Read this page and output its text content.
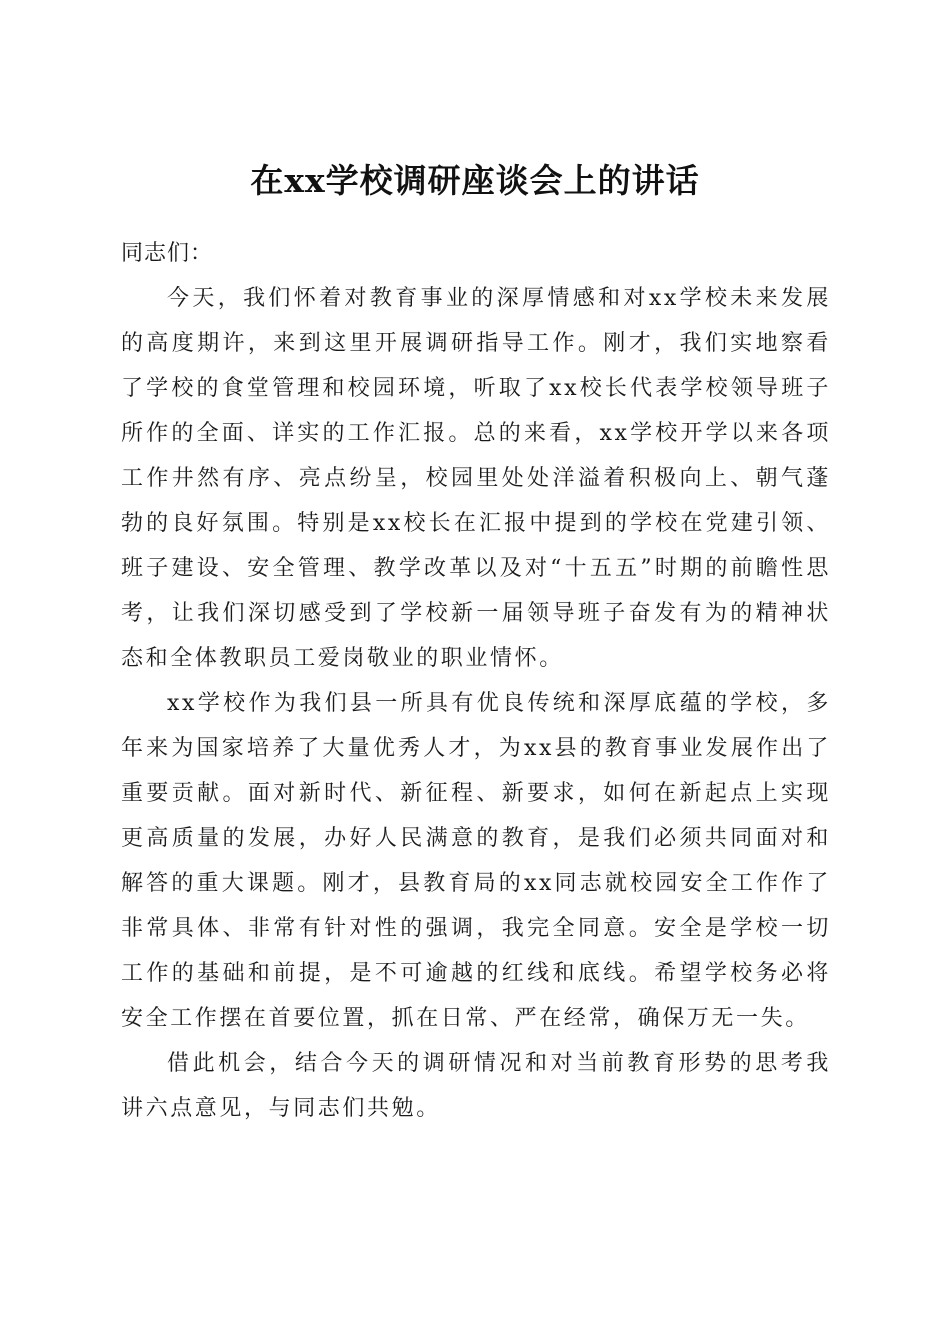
在xx学校调研座谈会上的讲话

同志们：

今天，我们怀着对教育事业的深厚情感和对xx学校未来发展的高度期许，来到这里开展调研指导工作。刚才，我们实地察看了学校的食堂管理和校园环境，听取了xx校长代表学校领导班子所作的全面、详实的工作汇报。总的来看，xx学校开学以来各项工作井然有序、亮点纷呈，校园里处处洋溢着积极向上、朝气蓬勃的良好氛围。特别是xx校长在汇报中提到的学校在党建引领、班子建设、安全管理、教学改革以及对“十五五”时期的前瞻性思考，让我们深切感受到了学校新一届领导班子奋发有为的精神状态和全体教职员工爱岗敬业的职业情怀。

xx学校作为我们县一所具有优良传统和深厚底蕴的学校，多年来为国家培养了大量优秀人才，为xx县的教育事业发展作出了重要贡献。面对新时代、新征程、新要求，如何在新起点上实现更高质量的发展，办好人民满意的教育，是我们必须共同面对和解答的重大课题。刚才，县教育局的xx同志就校园安全工作作了非常具体、非常有针对性的强调，我完全同意。安全是学校一切工作的基础和前提，是不可逾越的红线和底线。希望学校务必将安全工作摆在首要位置，抓在日常、严在经常，确保万无一失。

借此机会，结合今天的调研情况和对当前教育形势的思考我讲六点意见，与同志们共勉。
